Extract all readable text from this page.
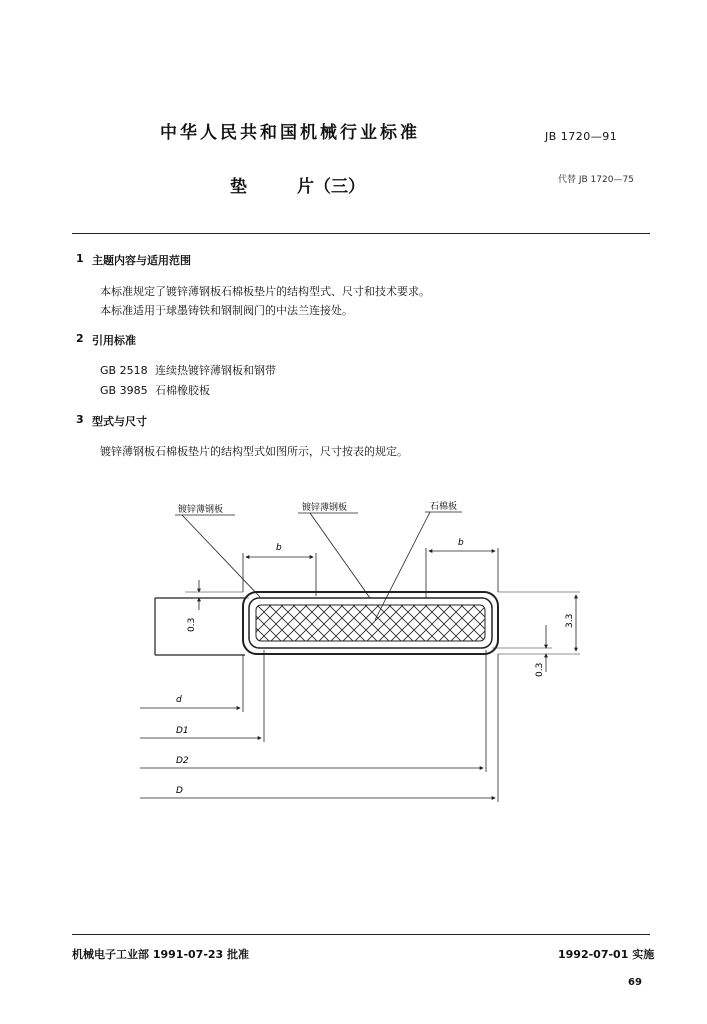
中华人民共和国机械行业标准	JB 1720—91
垫	片（三）	代替 JB 1720—75
1 主题内容与适用范围
本标准规定了镀锌薄钢板石棉板垫片的结构型式、尺寸和技术要求。
本标准适用于球墨铸铁和钢制阀门的中法兰连接处。
2 引用标准
GB 2518 连续热镀锌薄钢板和钢带
GB 3985 石棉橡胶板
3 型式与尺寸
镀锌薄钢板石棉板垫片的结构型式如图所示，尺寸按表的规定。
镀锌薄钢板	镀锌薄钢板	石棉板
b	b
0.3	3.3
0.3
d
D1
D2
D
机械电子工业部 1991-07-23 批准	1992-07-01 实施
69
